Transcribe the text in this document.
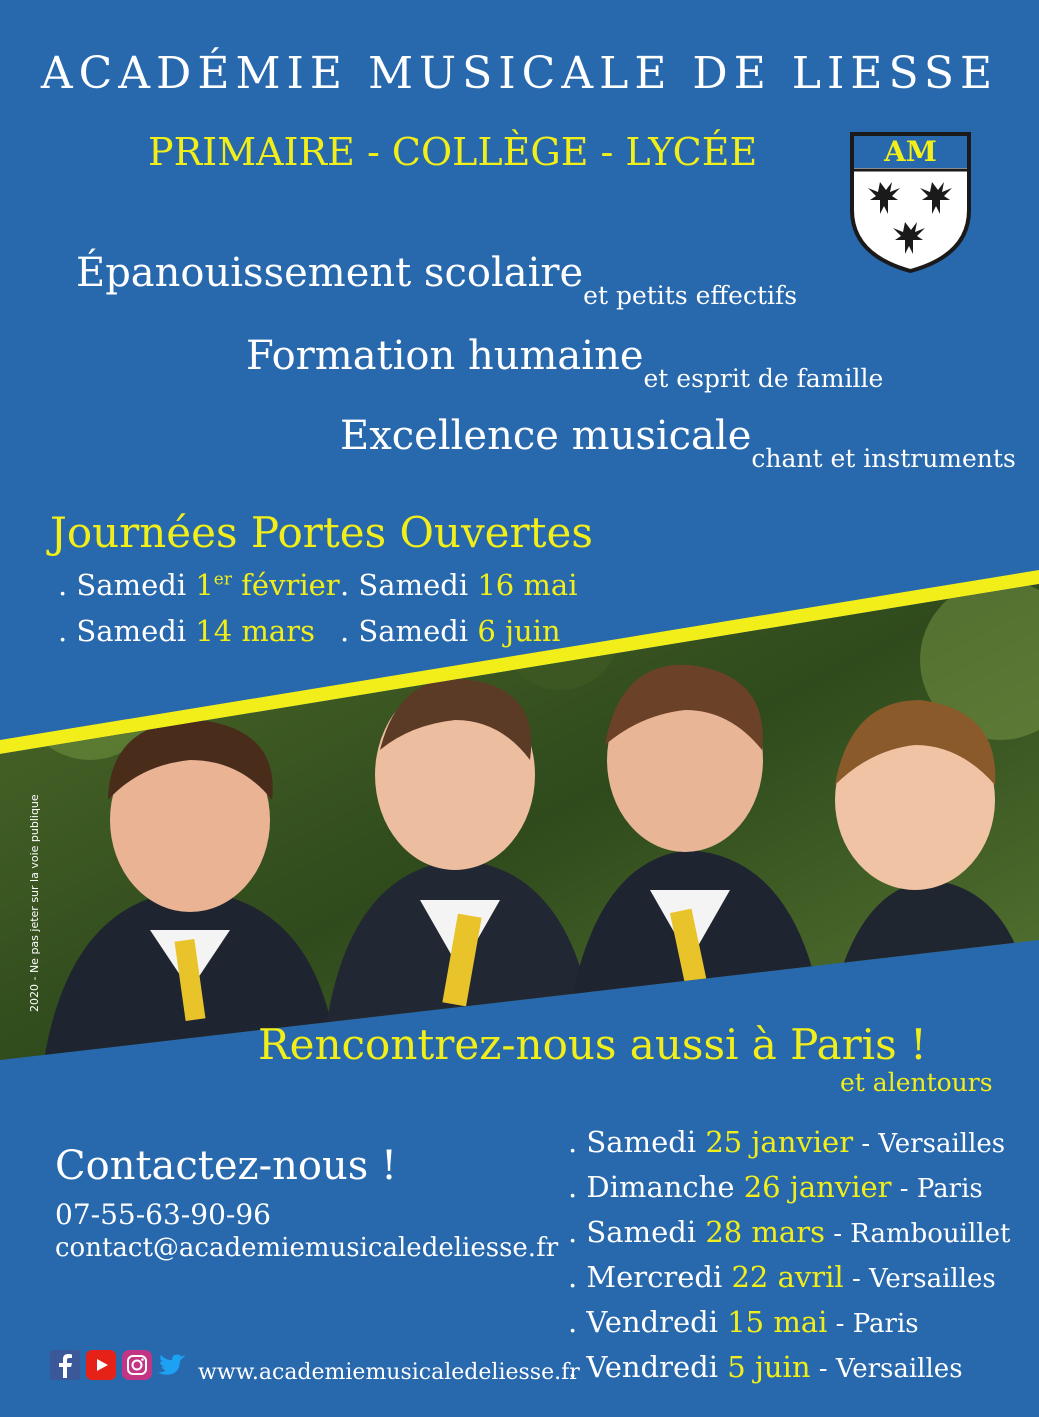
ACADÉMIE MUSICALE DE LIESSE
PRIMAIRE - COLLÈGE - LYCÉE	AM
Épanouissement scolaire$_{et petits effectifs}$
Formation humaine$_{et esprit de famille}$
Excellence musicale$_{chant et instruments}$
Journées Portes Ouvertes
. Samedi 1er février . Samedi 16 mai
. Samedi 14 mars . Samedi 6 juin
2020 - Ne pas jeter sur la voie publique
Rencontrez-nous aussi à Paris !
et alentours
Contactez-nous !
07-55-63-90-96
contact@academiemusicaledeliesse.fr
. Samedi 25 janvier - Versailles
. Dimanche 26 janvier - Paris
. Samedi 28 mars - Rambouillet
. Mercredi 22 avril - Versailles
. Vendredi 15 mai - Paris
. Vendredi 5 juin - Versailles
www.academiemusicaledeliesse.fr
